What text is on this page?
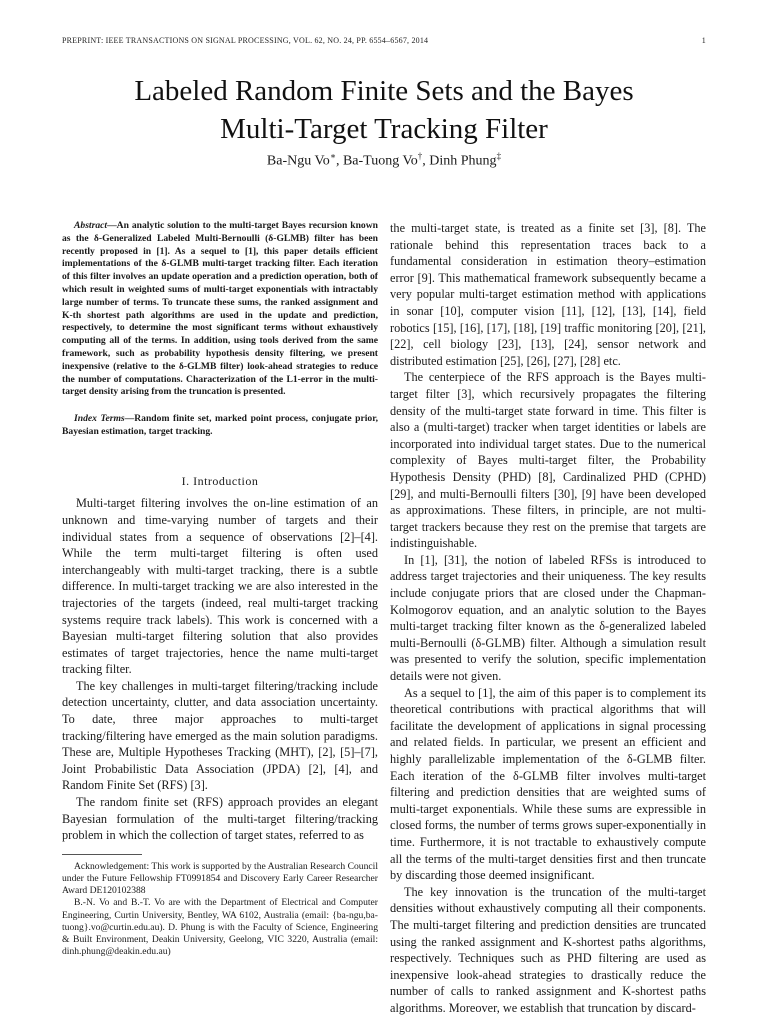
PREPRINT: IEEE TRANSACTIONS ON SIGNAL PROCESSING, VOL. 62, NO. 24, PP. 6554–6567, 2014	1
Labeled Random Finite Sets and the Bayes
Multi-Target Tracking Filter
Ba-Ngu Vo∗, Ba-Tuong Vo†, Dinh Phung‡

Abstract—An analytic solution to the multi-target Bayes recursion known as the δ-Generalized Labeled Multi-Bernoulli (δ-GLMB) filter has been recently proposed in [1]. As a sequel to [1], this paper details efficient implementations of the δ-GLMB multi-target tracking filter. Each iteration of this filter involves an update operation and a prediction operation, both of which result in weighted sums of multi-target exponentials with intractably large number of terms. To truncate these sums, the ranked assignment and K-th shortest path algorithms are used in the update and prediction, respectively, to determine the most significant terms without exhaustively computing all of the terms. In addition, using tools derived from the same framework, such as probability hypothesis density filtering, we present inexpensive (relative to the δ-GLMB filter) look-ahead strategies to reduce the number of computations. Characterization of the L1-error in the multi-target density arising from the truncation is presented.

Index Terms—Random finite set, marked point process, conjugate prior, Bayesian estimation, target tracking.

I. Introduction

Multi-target filtering involves the on-line estimation of an unknown and time-varying number of targets and their individual states from a sequence of observations [2]–[4]. While the term multi-target filtering is often used interchangeably with multi-target tracking, there is a subtle difference. In multi-target tracking we are also interested in the trajectories of the targets (indeed, real multi-target tracking systems require track labels). This work is concerned with a Bayesian multi-target filtering solution that also provides estimates of target trajectories, hence the name multi-target tracking filter.

The key challenges in multi-target filtering/tracking include detection uncertainty, clutter, and data association uncertainty. To date, three major approaches to multi-target tracking/filtering have emerged as the main solution paradigms. These are, Multiple Hypotheses Tracking (MHT), [2], [5]–[7], Joint Probabilistic Data Association (JPDA) [2], [4], and Random Finite Set (RFS) [3].

The random finite set (RFS) approach provides an elegant Bayesian formulation of the multi-target filtering/tracking problem in which the collection of target states, referred to as

Acknowledgement: This work is supported by the Australian Research Council under the Future Fellowship FT0991854 and Discovery Early Career Researcher Award DE120102388

B.-N. Vo and B.-T. Vo are with the Department of Electrical and Computer Engineering, Curtin University, Bentley, WA 6102, Australia (email: {ba-ngu,ba-tuong}.vo@curtin.edu.au). D. Phung is with the Faculty of Science, Engineering & Built Environment, Deakin University, Geelong, VIC 3220, Australia (email: dinh.phung@deakin.edu.au)

the multi-target state, is treated as a finite set [3], [8]. The rationale behind this representation traces back to a fundamental consideration in estimation theory–estimation error [9]. This mathematical framework subsequently became a very popular multi-target estimation method with applications in sonar [10], computer vision [11], [12], [13], [14], field robotics [15], [16], [17], [18], [19] traffic monitoring [20], [21], [22], cell biology [23], [13], [24], sensor network and distributed estimation [25], [26], [27], [28] etc.

The centerpiece of the RFS approach is the Bayes multi-target filter [3], which recursively propagates the filtering density of the multi-target state forward in time. This filter is also a (multi-target) tracker when target identities or labels are incorporated into individual target states. Due to the numerical complexity of Bayes multi-target filter, the Probability Hypothesis Density (PHD) [8], Cardinalized PHD (CPHD) [29], and multi-Bernoulli filters [30], [9] have been developed as approximations. These filters, in principle, are not multi-target trackers because they rest on the premise that targets are indistinguishable.

In [1], [31], the notion of labeled RFSs is introduced to address target trajectories and their uniqueness. The key results include conjugate priors that are closed under the Chapman-Kolmogorov equation, and an analytic solution to the Bayes multi-target tracking filter known as the δ-generalized labeled multi-Bernoulli (δ-GLMB) filter. Although a simulation result was presented to verify the solution, specific implementation details were not given.

As a sequel to [1], the aim of this paper is to complement its theoretical contributions with practical algorithms that will facilitate the development of applications in signal processing and related fields. In particular, we present an efficient and highly parallelizable implementation of the δ-GLMB filter. Each iteration of the δ-GLMB filter involves multi-target filtering and prediction densities that are weighted sums of multi-target exponentials. While these sums are expressible in closed forms, the number of terms grows super-exponentially in time. Furthermore, it is not tractable to exhaustively compute all the terms of the multi-target densities first and then truncate by discarding those deemed insignificant.

The key innovation is the truncation of the multi-target densities without exhaustively computing all their components. The multi-target filtering and prediction densities are truncated using the ranked assignment and K-shortest paths algorithms, respectively. Techniques such as PHD filtering are used as inexpensive look-ahead strategies to drastically reduce the number of calls to ranked assignment and K-shortest paths algorithms. Moreover, we establish that truncation by discard-
